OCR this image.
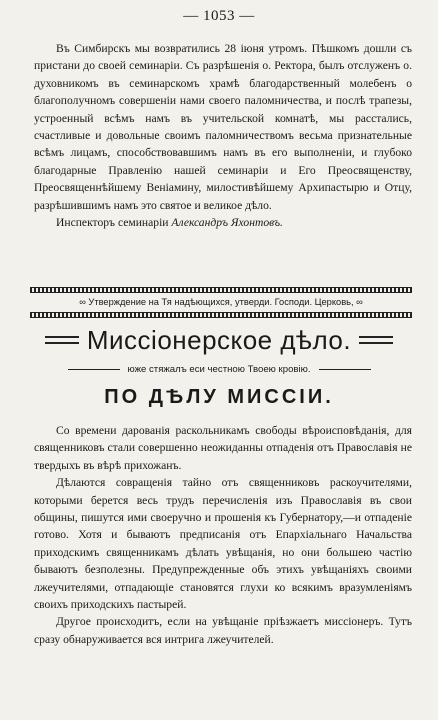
— 1053 —

Въ Симбирскъ мы возвратились 28 іюня утромъ. Пѣшкомъ дошли съ пристани до своей семинаріи. Съ разрѣшенія о. Ректора, былъ отслуженъ о. духовникомъ въ семинарскомъ храмѣ благодарственный молебенъ о благополучномъ совершеніи нами своего паломничества, и послѣ трапезы, устроенный всѣмъ намъ въ учительской комнатѣ, мы расстались, счастливые и довольные своимъ паломничествомъ весьма признательные всѣмъ лицамъ, способствовавшимъ намъ въ его выполненіи, и глубоко благодарные Правленію нашей семинаріи и Его Преосвященству, Преосвященнѣйшему Веніамину, милостивѣйшему Архипастырю и Отцу, разрѣшившимъ намъ это святое и великое дѣло.

Инспекторъ семинаріи Александръ Яхонтовъ.

∞ Утверждение на Тя надѣющихся, утверди. Господи. Церковь, ∞
Миссіонерское дѣло.
юже стяжалъ еси честною Твоею кровію.
ПО ДѢЛУ МИССІИ.

Со времени дарованія раскольникамъ свободы вѣроисповѣданія, для священниковъ стали совершенно неожиданны отпаденія отъ Православія не твердыхъ въ вѣрѣ прихожанъ.

Дѣлаются совращенія тайно отъ священниковъ раскоучителями, которыми берется весь трудъ перечисленія изъ Православія въ свои общины, пишутся ими своеручно и прошенія къ Губернатору,—и отпаденіе готово. Хотя и бываютъ предписанія отъ Епархіальнаго Начальства приходскимъ священникамъ дѣлать увѣщанія, но они большею частію бываютъ безполезны. Предупрежденные объ этихъ увѣщаніяхъ своими лжеучителями, отпадающіе становятся глухи ко всякимъ вразумленіямъ своихъ приходскихъ пастырей.

Другое происходитъ, если на увѣщаніе пріѣзжаетъ миссіонеръ. Тутъ сразу обнаруживается вся интрига лжеучителей.
